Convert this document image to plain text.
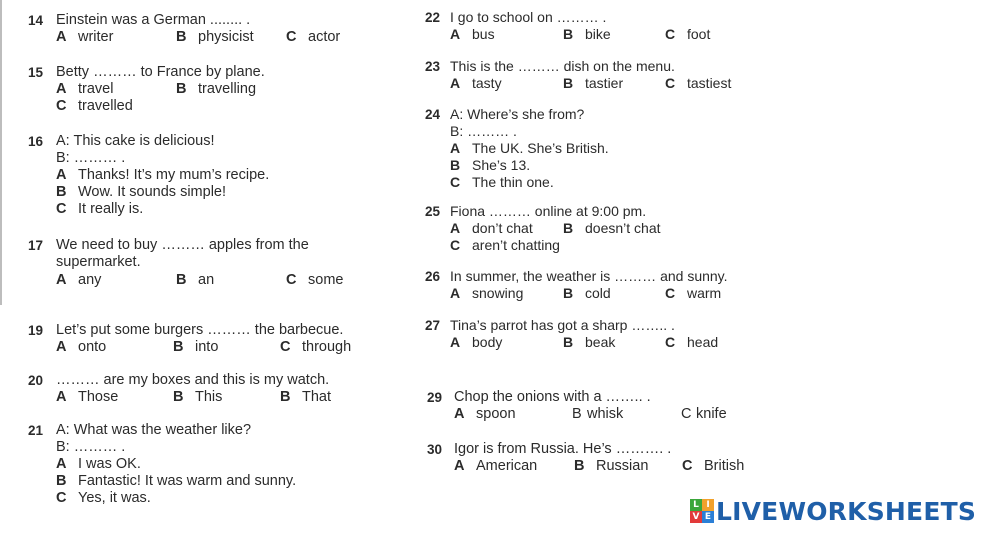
14 Einstein was a German ........ .
A writer	B physicist C actor
15 Betty ……… to France by plane.
A travel	B travelling
C travelled
16 A: This cake is delicious!
B: ……… .
A Thanks! It’s my mum’s recipe.
B Wow. It sounds simple!
C It really is.
17 We need to buy ……… apples from the
supermarket.
A any	B an	C some
19 Let’s put some burgers ……… the barbecue.
A onto	B into	C through
20 ……… are my boxes and this is my watch.
A Those	B This	B That
21 A: What was the weather like?
B: ……… .
A I was OK.
B Fantastic! It was warm and sunny.
C Yes, it was.
22 I go to school on ……… .
A bus	B bike	C foot
23 This is the ……… dish on the menu.
A tasty	B tastier	C tastiest
24 A: Where’s she from?
B: ……… .
A The UK. She’s British.
B She’s 13.
C The thin one.
25 Fiona ……… online at 9:00 pm.
A don’t chat B doesn’t chat
C aren’t chatting
26 In summer, the weather is ……… and sunny.
A snowing	B cold	C warm
27 Tina’s parrot has got a sharp …….. .
A body	B beak	C head
29 Chop the onions with a …….. .
A spoon	B whisk	C knife
30 Igor is from Russia. He’s ………. .
A American	B Russian C British
L I
V E LIVEWORKSHEETS
